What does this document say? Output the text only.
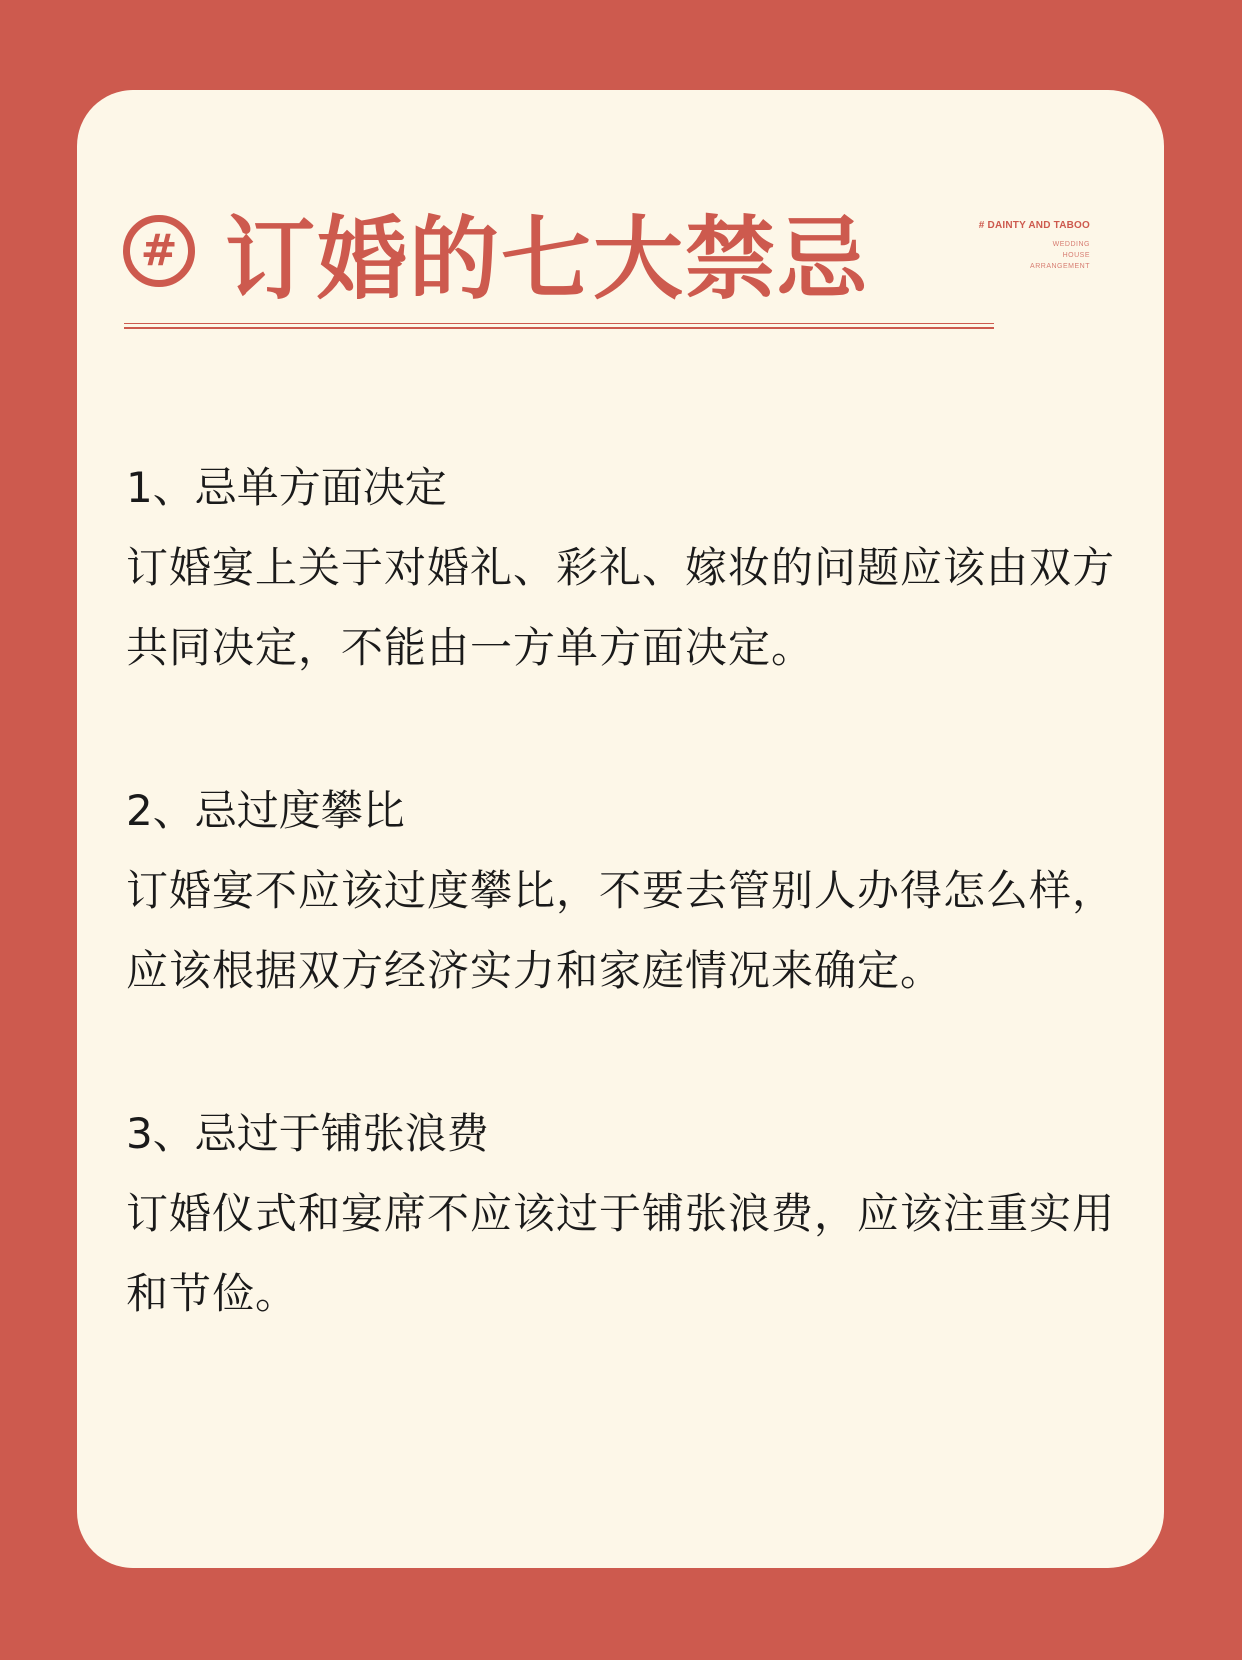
# 订婚的七大禁忌	# DAINTY AND TABOO
WEDDING
HOUSE
ARRANGEMENT
1、忌单方面决定
订婚宴上关于对婚礼、彩礼、嫁妆的问题应该由双方共同决定，不能由一方单方面决定。
2、忌过度攀比
订婚宴不应该过度攀比，不要去管别人办得怎么样，应该根据双方经济实力和家庭情况来确定。
3、忌过于铺张浪费
订婚仪式和宴席不应该过于铺张浪费，应该注重实用和节俭。
